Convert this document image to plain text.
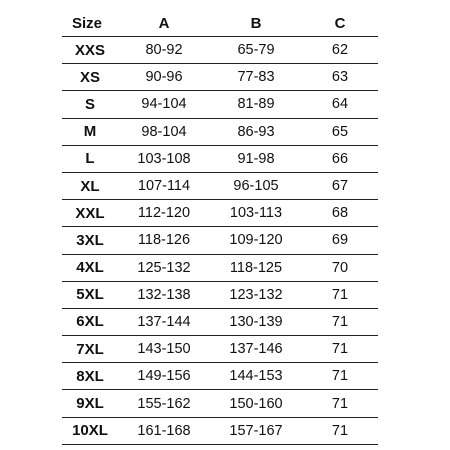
Size	A	B	C
XXS	80-92	65-79	62
XS	90-96	77-83	63
S	94-104	81-89	64
M	98-104	86-93	65
L	103-108	91-98	66
XL	107-114	96-105	67
XXL	112-120	103-113	68
3XL	118-126	109-120	69
4XL	125-132	118-125	70
5XL	132-138	123-132	71
6XL	137-144	130-139	71
7XL	143-150	137-146	71
8XL	149-156	144-153	71
9XL	155-162	150-160	71
10XL	161-168	157-167	71
